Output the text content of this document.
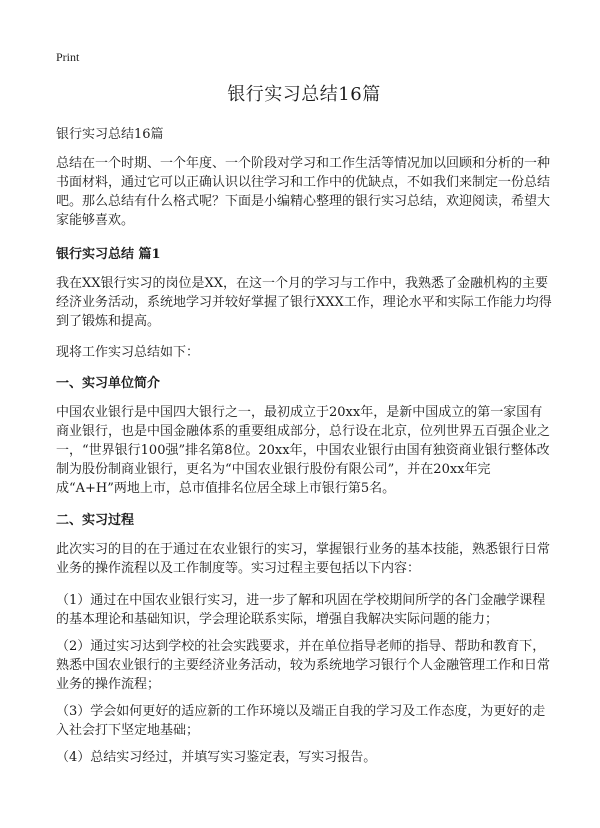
Print
银行实习总结16篇

银行实习总结16篇

总结在一个时期、一个年度、一个阶段对学习和工作生活等情况加以回顾和分析的一种书面材料，通过它可以正确认识以往学习和工作中的优缺点，不如我们来制定一份总结吧。那么总结有什么格式呢？下面是小编精心整理的银行实习总结，欢迎阅读，希望大家能够喜欢。

银行实习总结 篇1

我在XX银行实习的岗位是XX，在这一个月的学习与工作中，我熟悉了金融机构的主要经济业务活动，系统地学习并较好掌握了银行XXX工作，理论水平和实际工作能力均得到了锻炼和提高。

现将工作实习总结如下：

一、实习单位简介

中国农业银行是中国四大银行之一，最初成立于20xx年，是新中国成立的第一家国有商业银行，也是中国金融体系的重要组成部分，总行设在北京，位列世界五百强企业之一，“世界银行100强”排名第8位。20xx年，中国农业银行由国有独资商业银行整体改制为股份制商业银行，更名为“中国农业银行股份有限公司”，并在20xx年完成“A+H”两地上市，总市值排名位居全球上市银行第5名。

二、实习过程

此次实习的目的在于通过在农业银行的实习，掌握银行业务的基本技能，熟悉银行日常业务的操作流程以及工作制度等。实习过程主要包括以下内容：

（1）通过在中国农业银行实习，进一步了解和巩固在学校期间所学的各门金融学课程的基本理论和基础知识，学会理论联系实际，增强自我解决实际问题的能力；

（2）通过实习达到学校的社会实践要求，并在单位指导老师的指导、帮助和教育下，熟悉中国农业银行的主要经济业务活动，较为系统地学习银行个人金融管理工作和日常业务的操作流程；

（3）学会如何更好的适应新的工作环境以及端正自我的学习及工作态度，为更好的走入社会打下坚定地基础；

（4）总结实习经过，并填写实习鉴定表，写实习报告。
